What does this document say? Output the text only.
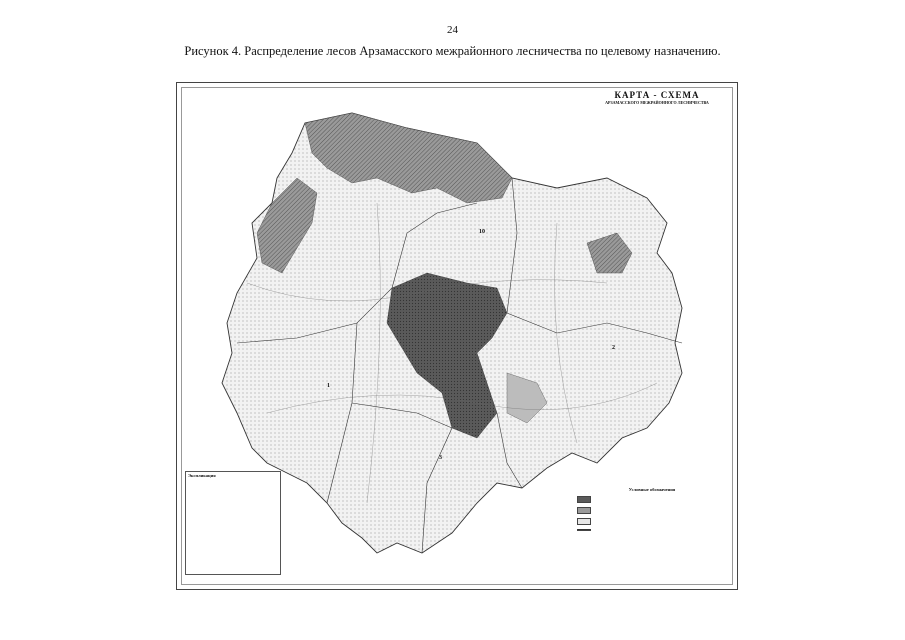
24
Рисунок 4. Распределение лесов Арзамасского межрайонного лесничества по целевому назначению.
КАРТА - СХЕМА
АРЗАМАССКОГО МЕЖРАЙОННОГО ЛЕСНИЧЕСТВА
10
1
2
3
Экспликация
Условные обозначения
